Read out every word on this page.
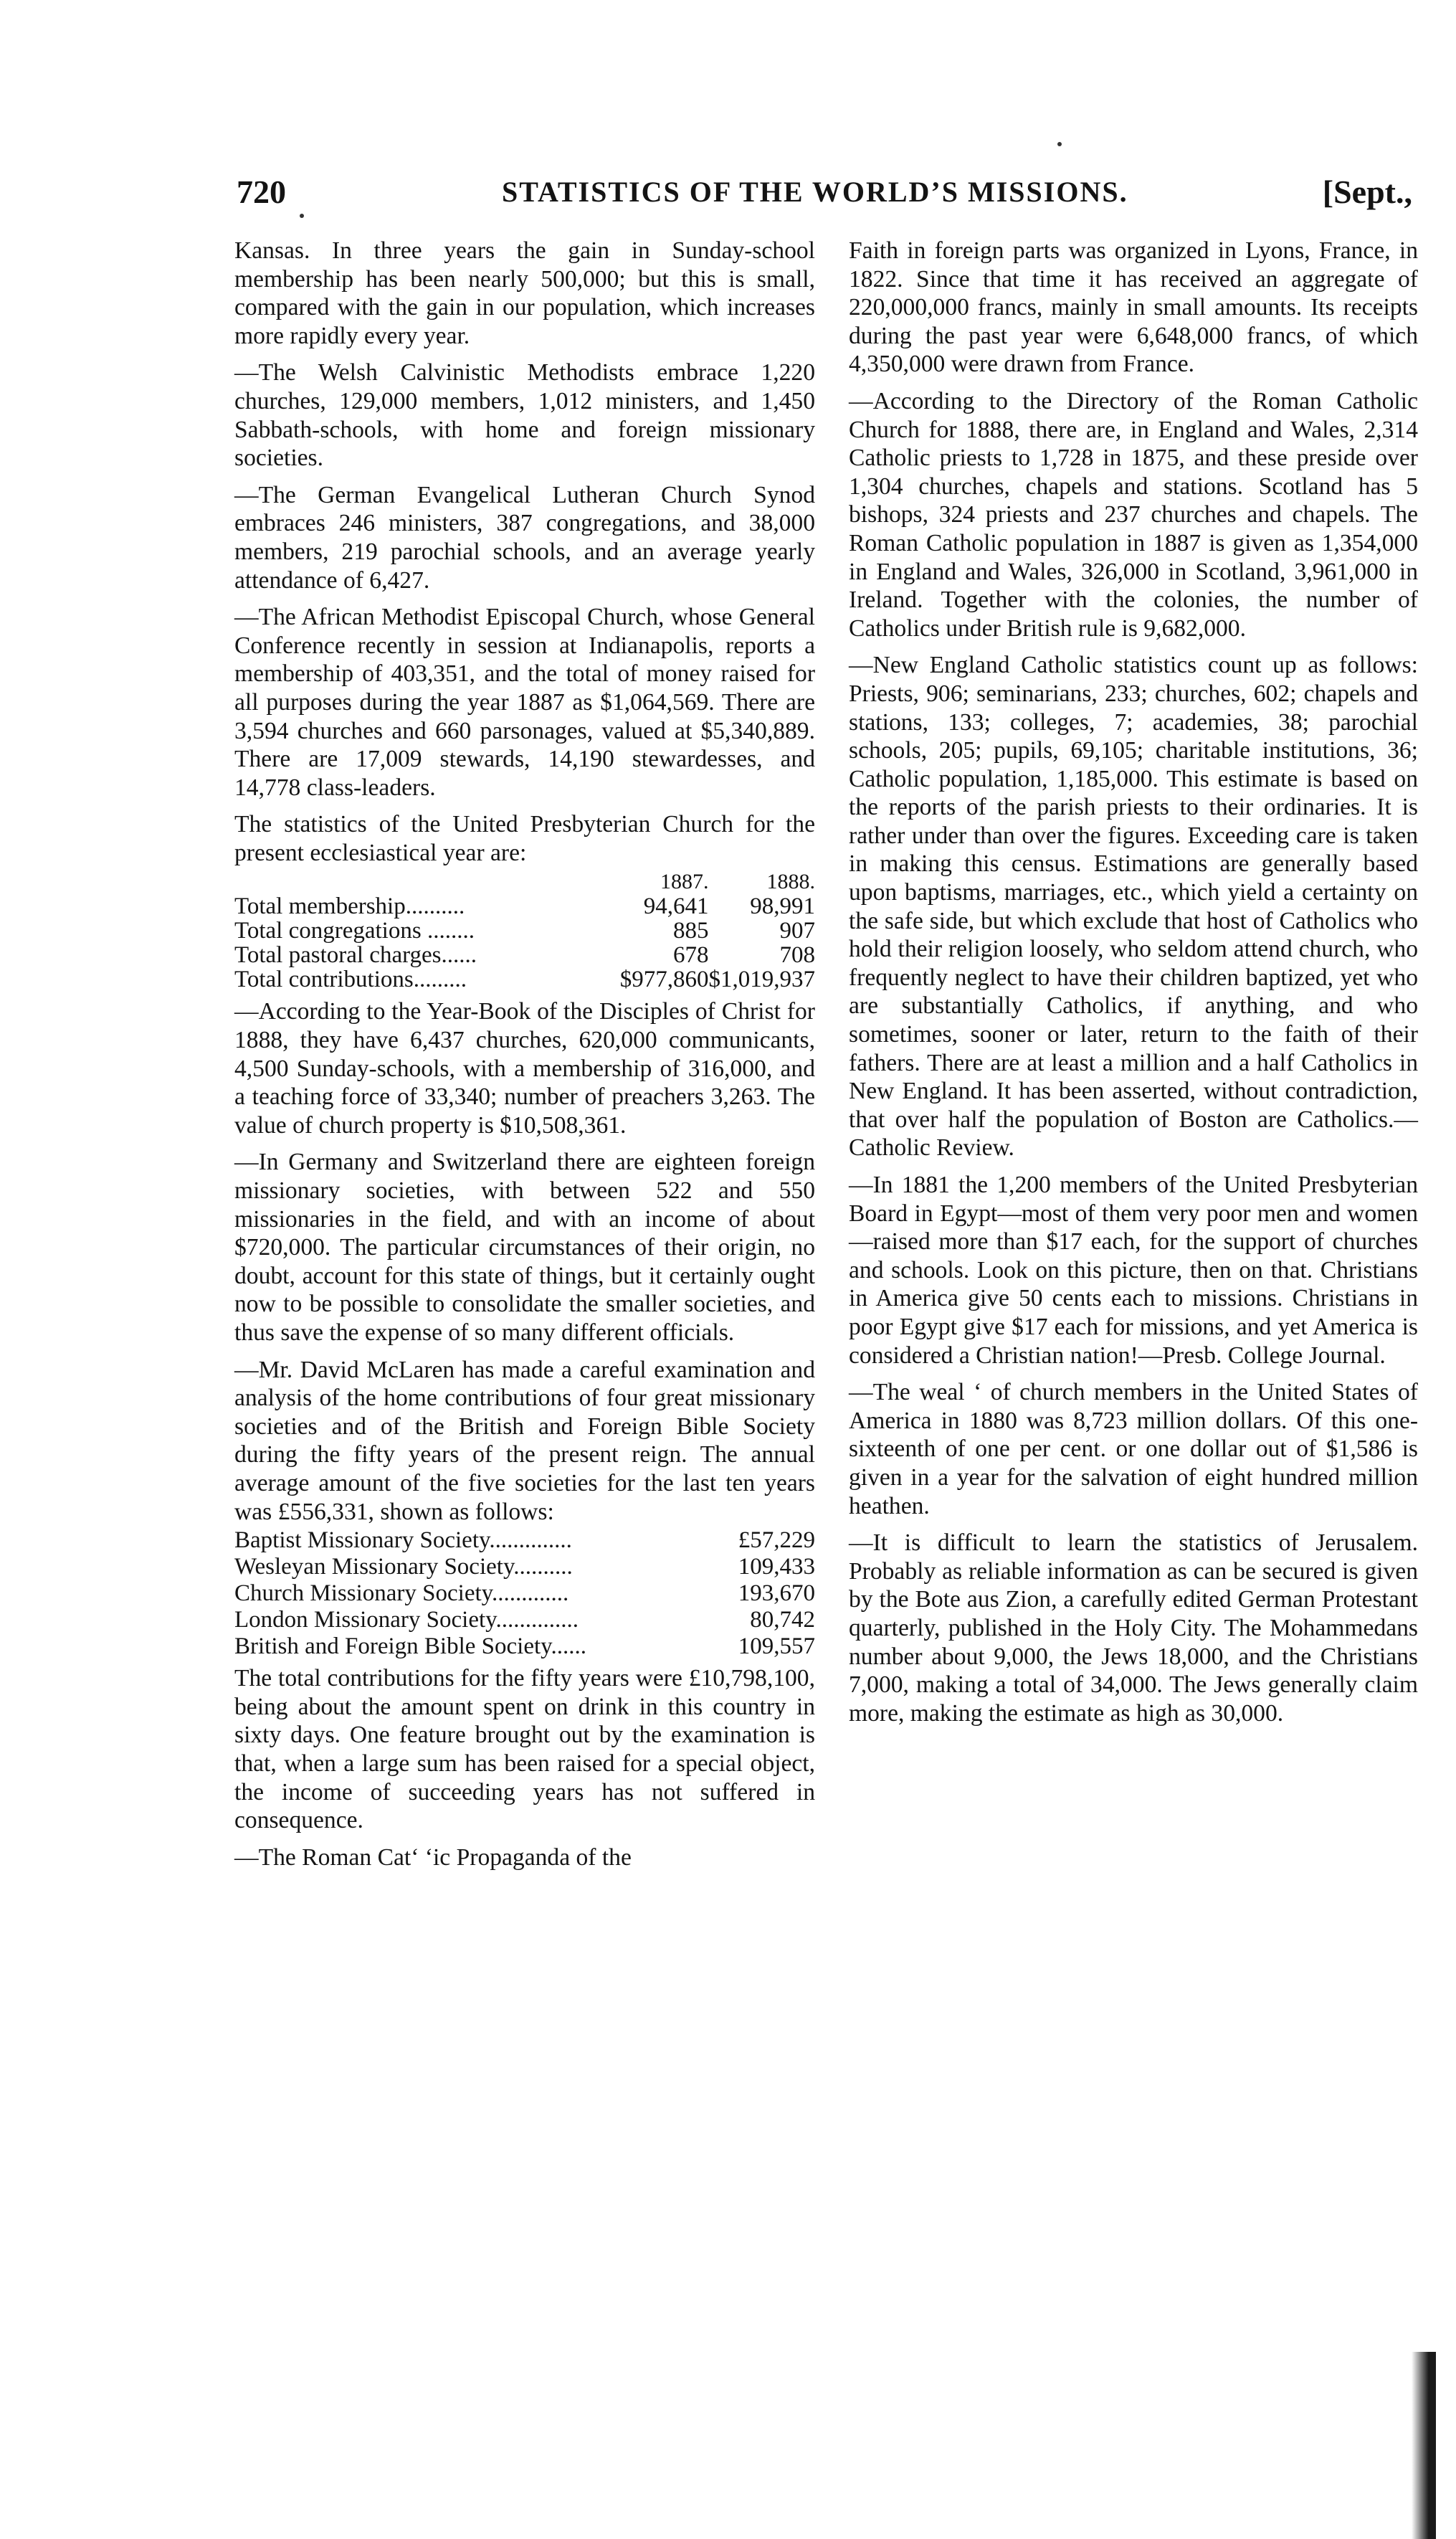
720	STATISTICS OF THE WORLD’S MISSIONS.	[Sept.,

Kansas. In three years the gain in Sunday-school membership has been nearly 500,000; but this is small, compared with the gain in our population, which increases more rapidly every year.

—The Welsh Calvinistic Methodists embrace 1,220 churches, 129,000 members, 1,012 ministers, and 1,450 Sabbath-schools, with home and foreign missionary societies.

—The German Evangelical Lutheran Church Synod embraces 246 ministers, 387 congregations, and 38,000 members, 219 parochial schools, and an average yearly attendance of 6,427.

—The African Methodist Episcopal Church, whose General Conference recently in session at Indianapolis, reports a membership of 403,351, and the total of money raised for all purposes during the year 1887 as $1,064,569. There are 3,594 churches and 660 parsonages, valued at $5,340,889. There are 17,009 stewards, 14,190 stewardesses, and 14,778 class-leaders.

The statistics of the United Presbyterian Church for the present ecclesiastical year are:

	1887.	1888.
Total membership..........	94,641	98,991
Total congregations ........	885	907
Total pastoral charges......	678	708
Total contributions.........	$977,860	$1,019,937

—According to the Year-Book of the Disciples of Christ for 1888, they have 6,437 churches, 620,000 communicants, 4,500 Sunday-schools, with a membership of 316,000, and a teaching force of 33,340; number of preachers 3,263. The value of church property is $10,508,361.

—In Germany and Switzerland there are eighteen foreign missionary societies, with between 522 and 550 missionaries in the field, and with an income of about $720,000. The particular circumstances of their origin, no doubt, account for this state of things, but it certainly ought now to be possible to consolidate the smaller societies, and thus save the expense of so many different officials.

—Mr. David McLaren has made a careful examination and analysis of the home contributions of four great missionary societies and of the British and Foreign Bible Society during the fifty years of the present reign. The annual average amount of the five societies for the last ten years was £556,331, shown as follows:

Baptist Missionary Society..............	£57,229
Wesleyan Missionary Society..........	109,433
Church Missionary Society.............	193,670
London Missionary Society..............	80,742
British and Foreign Bible Society......	109,557

The total contributions for the fifty years were £10,798,100, being about the amount spent on drink in this country in sixty days. One feature brought out by the examination is that, when a large sum has been raised for a special object, the income of succeeding years has not suffered in consequence.

—The Roman Cat‘ ‘ic Propaganda of the

Faith in foreign parts was organized in Lyons, France, in 1822. Since that time it has received an aggregate of 220,000,000 francs, mainly in small amounts. Its receipts during the past year were 6,648,000 francs, of which 4,350,000 were drawn from France.

—According to the Directory of the Roman Catholic Church for 1888, there are, in England and Wales, 2,314 Catholic priests to 1,728 in 1875, and these preside over 1,304 churches, chapels and stations. Scotland has 5 bishops, 324 priests and 237 churches and chapels. The Roman Catholic population in 1887 is given as 1,354,000 in England and Wales, 326,000 in Scotland, 3,961,000 in Ireland. Together with the colonies, the number of Catholics under British rule is 9,682,000.

—New England Catholic statistics count up as follows: Priests, 906; seminarians, 233; churches, 602; chapels and stations, 133; colleges, 7; academies, 38; parochial schools, 205; pupils, 69,105; charitable institutions, 36; Catholic population, 1,185,000. This estimate is based on the reports of the parish priests to their ordinaries. It is rather under than over the figures. Exceeding care is taken in making this census. Estimations are generally based upon baptisms, marriages, etc., which yield a certainty on the safe side, but which exclude that host of Catholics who hold their religion loosely, who seldom attend church, who frequently neglect to have their children baptized, yet who are substantially Catholics, if anything, and who sometimes, sooner or later, return to the faith of their fathers. There are at least a million and a half Catholics in New England. It has been asserted, without contradiction, that over half the population of Boston are Catholics.—Catholic Review.

—In 1881 the 1,200 members of the United Presbyterian Board in Egypt—most of them very poor men and women—raised more than $17 each, for the support of churches and schools. Look on this picture, then on that. Christians in America give 50 cents each to missions. Christians in poor Egypt give $17 each for missions, and yet America is considered a Christian nation!—Presb. College Journal.

—The weal ‘ of church members in the United States of America in 1880 was 8,723 million dollars. Of this one-sixteenth of one per cent. or one dollar out of $1,586 is given in a year for the salvation of eight hundred million heathen.

—It is difficult to learn the statistics of Jerusalem. Probably as reliable information as can be secured is given by the Bote aus Zion, a carefully edited German Protestant quarterly, published in the Holy City. The Mohammedans number about 9,000, the Jews 18,000, and the Christians 7,000, making a total of 34,000. The Jews generally claim more, making the estimate as high as 30,000.
